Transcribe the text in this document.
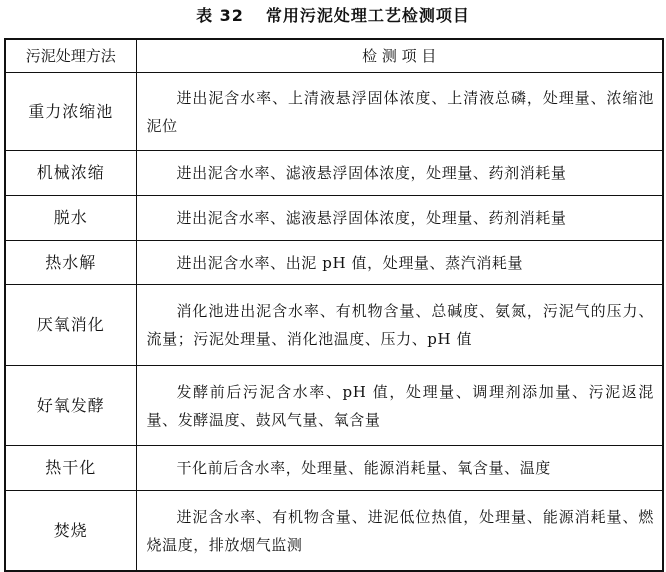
表 32 常用污泥处理工艺检测项目
污泥处理方法	检 测 项 目
重力浓缩池	进出泥含水率、上清液悬浮固体浓度、上清液总磷，处理量、浓缩池泥位
机械浓缩	进出泥含水率、滤液悬浮固体浓度，处理量、药剂消耗量
脱水	进出泥含水率、滤液悬浮固体浓度，处理量、药剂消耗量
热水解	进出泥含水率、出泥 pH 值，处理量、蒸汽消耗量
厌氧消化	消化池进出泥含水率、有机物含量、总碱度、氨氮，污泥气的压力、流量；污泥处理量、消化池温度、压力、pH 值
好氧发酵	发酵前后污泥含水率、pH 值，处理量、调理剂添加量、污泥返混量、发酵温度、鼓风气量、氧含量
热干化	干化前后含水率，处理量、能源消耗量、氧含量、温度
焚烧	进泥含水率、有机物含量、进泥低位热值，处理量、能源消耗量、燃烧温度，排放烟气监测
